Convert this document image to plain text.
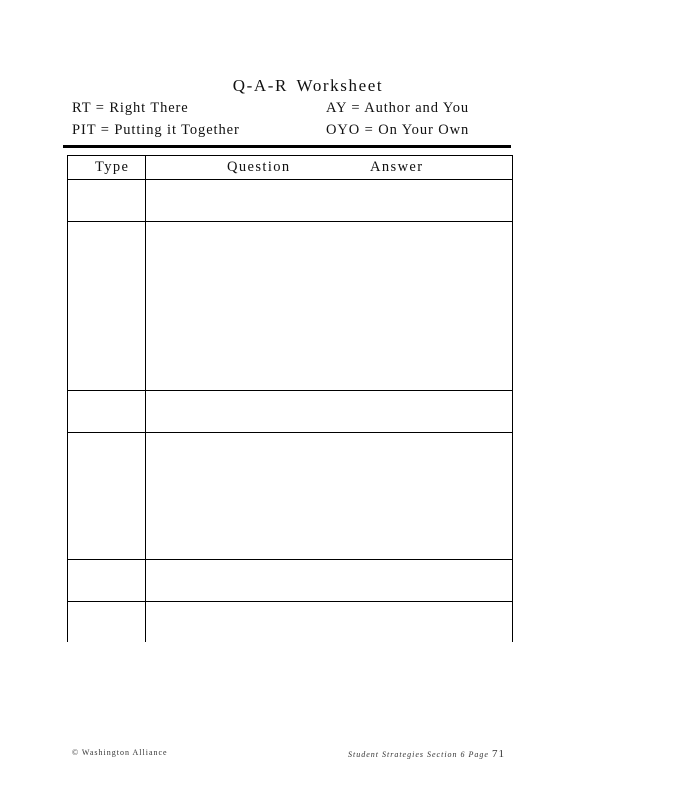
Q-A-R Worksheet
RT = Right There	AY = Author and You
PIT = Putting it Together	OYO = On Your Own
Type	Question	Answer
© Washington Alliance	Student Strategies Section 6 Page 71
